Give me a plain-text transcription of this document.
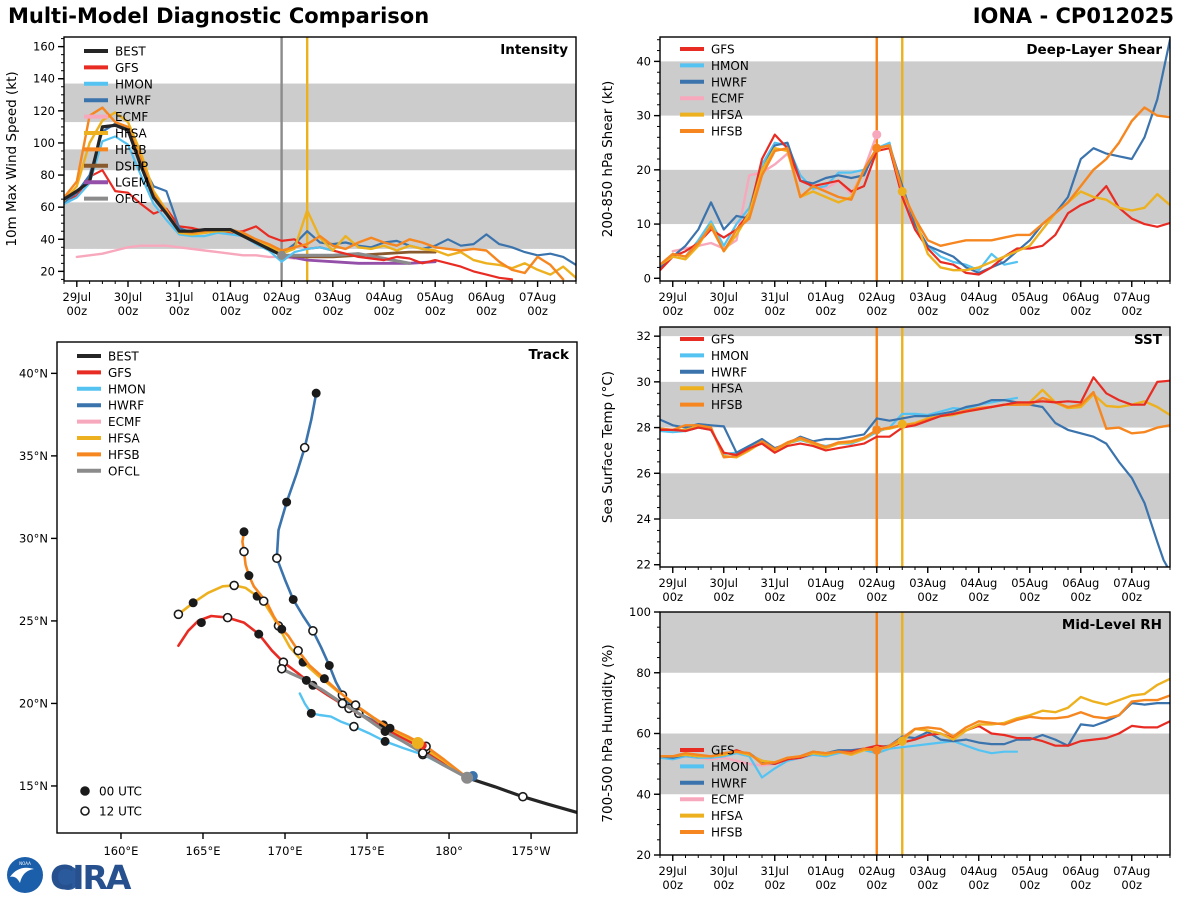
Multi-Model Diagnostic Comparison	IONA - CP012025
29Jul
00z
30Jul
00z
31Jul
00z
01Aug
00z
02Aug
00z
03Aug
00z
04Aug
00z
05Aug
00z
06Aug
00z
07Aug
00z
20
40
60
80
100
120
140
160
10m Max Wind Speed (kt)
Intensity
BEST
GFS
HMON
HWRF
ECMF
HFSA
HFSB
DSHP
LGEM
OFCL
29Jul
00z
30Jul
00z
31Jul
00z
01Aug
00z
02Aug
00z
03Aug
00z
04Aug
00z
05Aug
00z
06Aug
00z
07Aug
00z
0
10
20
30
40
200-850 hPa Shear (kt)
Deep-Layer Shear
GFS
HMON
HWRF
ECMF
HFSA
HFSB
29Jul
00z
30Jul
00z
31Jul
00z
01Aug
00z
02Aug
00z
03Aug
00z
04Aug
00z
05Aug
00z
06Aug
00z
07Aug
00z
22
24
26
28
30
32
Sea Surface Temp (°C)
SST
GFS
HMON
HWRF
HFSA
HFSB
29Jul
00z
30Jul
00z
31Jul
00z
01Aug
00z
02Aug
00z
03Aug
00z
04Aug
00z
05Aug
00z
06Aug
00z
07Aug
00z
20
40
60
80
100
700-500 hPa Humidity (%)
Mid-Level RH
GFS
HMON
HWRF
ECMF
HFSA
HFSB
160°E	165°E	170°E	175°E	180°	175°W
15°N
20°N
25°N
30°N
35°N
40°N
Track
BEST
GFS
HMON
HWRF
ECMF
HFSA
HFSB
OFCL
00 UTC
12 UTC
NOAA CIRA
